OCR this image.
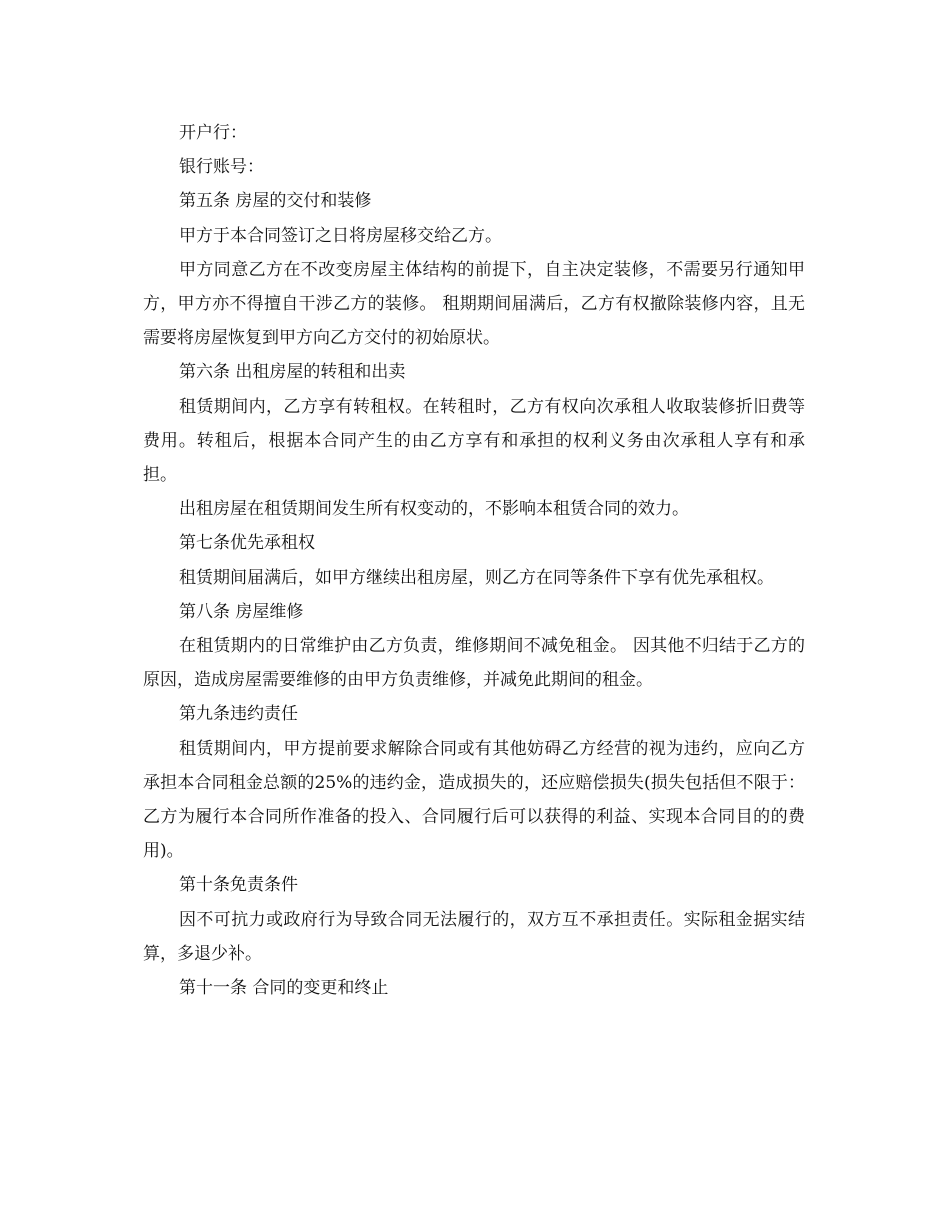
开户行：

银行账号：

第五条 房屋的交付和装修

甲方于本合同签订之日将房屋移交给乙方。

甲方同意乙方在不改变房屋主体结构的前提下，自主决定装修，不需要另行通知甲方，甲方亦不得擅自干涉乙方的装修。 租期期间届满后，乙方有权撤除装修内容，且无需要将房屋恢复到甲方向乙方交付的初始原状。

第六条 出租房屋的转租和出卖

租赁期间内，乙方享有转租权。在转租时，乙方有权向次承租人收取装修折旧费等费用。转租后，根据本合同产生的由乙方享有和承担的权利义务由次承租人享有和承担。

出租房屋在租赁期间发生所有权变动的，不影响本租赁合同的效力。

第七条优先承租权

租赁期间届满后，如甲方继续出租房屋，则乙方在同等条件下享有优先承租权。

第八条 房屋维修

在租赁期内的日常维护由乙方负责，维修期间不减免租金。 因其他不归结于乙方的原因，造成房屋需要维修的由甲方负责维修，并减免此期间的租金。

第九条违约责任

租赁期间内，甲方提前要求解除合同或有其他妨碍乙方经营的视为违约，应向乙方承担本合同租金总额的25%的违约金，造成损失的，还应赔偿损失(损失包括但不限于：乙方为履行本合同所作准备的投入、合同履行后可以获得的利益、实现本合同目的的费用)。

第十条免责条件

因不可抗力或政府行为导致合同无法履行的，双方互不承担责任。实际租金据实结算，多退少补。

第十一条 合同的变更和终止
